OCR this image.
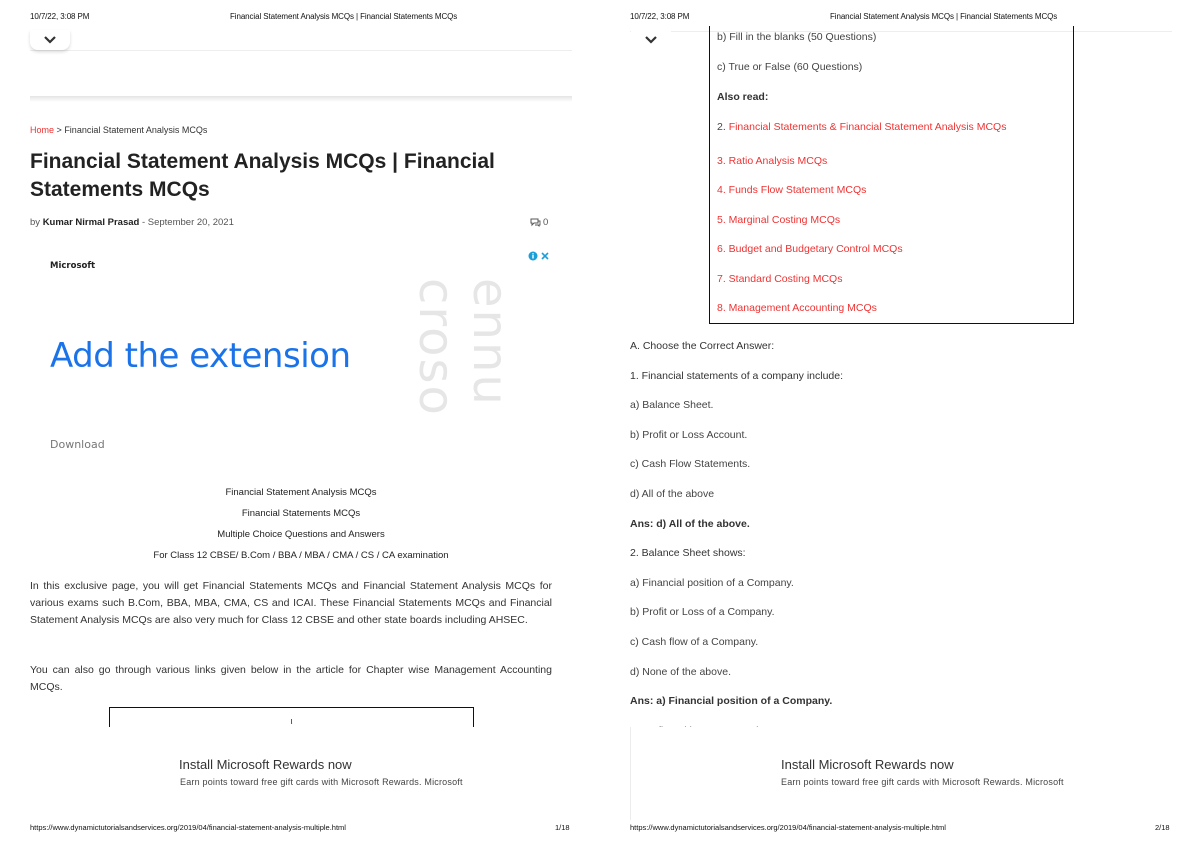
10/7/22, 3:08 PM	Financial Statement Analysis MCQs | Financial Statements MCQs
Home > Financial Statement Analysis MCQs
Financial Statement Analysis MCQs | Financial
Statements MCQs
by Kumar Nirmal Prasad - September 20, 2021	0
Microsoft
Add the extension croso
ennu
Download
Financial Statement Analysis MCQs
Financial Statements MCQs
Multiple Choice Questions and Answers
For Class 12 CBSE/ B.Com / BBA / MBA / CMA / CS / CA examination
In this exclusive page, you will get Financial Statements MCQs and Financial Statement Analysis MCQs for various exams such B.Com, BBA, MBA, CMA, CS and ICAI. These Financial Statements MCQs and Financial Statement Analysis MCQs are also very much for Class 12 CBSE and other state boards including AHSEC.
You can also go through various links given below in the article for Chapter wise Management Accounting MCQs.
ι
Install Microsoft Rewards now
Earn points toward free gift cards with Microsoft Rewards. Microsoft
https://www.dynamictutorialsandservices.org/2019/04/financial-statement-analysis-multiple.html	1/18
10/7/22, 3:08 PM	Financial Statement Analysis MCQs | Financial Statements MCQs
b) Fill in the blanks (50 Questions)
c) True or False (60 Questions)
Also read:
2. Financial Statements & Financial Statement Analysis MCQs
3. Ratio Analysis MCQs
4. Funds Flow Statement MCQs
5. Marginal Costing MCQs
6. Budget and Budgetary Control MCQs
7. Standard Costing MCQs
8. Management Accounting MCQs
A. Choose the Correct Answer:
1. Financial statements of a company include:
a) Balance Sheet.
b) Profit or Loss Account.
c) Cash Flow Statements.
d) All of the above
Ans: d) All of the above.
2. Balance Sheet shows:
a) Financial position of a Company.
b) Profit or Loss of a Company.
c) Cash flow of a Company.
d) None of the above.
Ans: a) Financial position of a Company.
Install Microsoft Rewards now
Earn points toward free gift cards with Microsoft Rewards. Microsoft
https://www.dynamictutorialsandservices.org/2019/04/financial-statement-analysis-multiple.html	2/18
